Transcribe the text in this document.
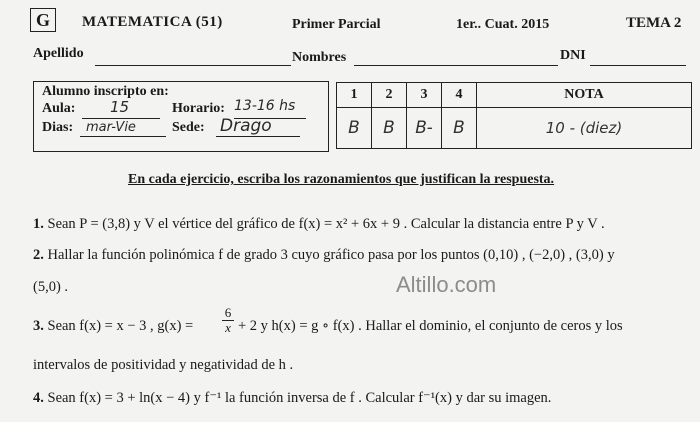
G	MATEMATICA (51)	Primer Parcial	1er.. Cuat. 2015	TEMA 2
Apellido	Nombres	DNI
Alumno inscripto en:
Aula: 15	Horario: 13-16 hs
Dias: mar-Vie	Sede: Drago
1	2	3	4	NOTA
B	B	B-	B	10 - (diez)
En cada ejercicio, escriba los razonamientos que justifican la respuesta.
1. Sean P = (3,8) y V el vértice del gráfico de f(x) = x² + 6x + 9 . Calcular la distancia entre P y V .
2. Hallar la función polinómica f de grado 3 cuyo gráfico pasa por los puntos (0,10) , (−2,0) , (3,0) y
(5,0) .	Altillo.com
3. Sean f(x) = x − 3 , $g(x) = \frac{6}{x} + 2$ y h(x) = g ∘ f(x) . Hallar el dominio, el conjunto de ceros y los
intervalos de positividad y negatividad de h .
4. Sean f(x) = 3 + ln(x − 4) y f⁻¹ la función inversa de f . Calcular f⁻¹(x) y dar su imagen.
